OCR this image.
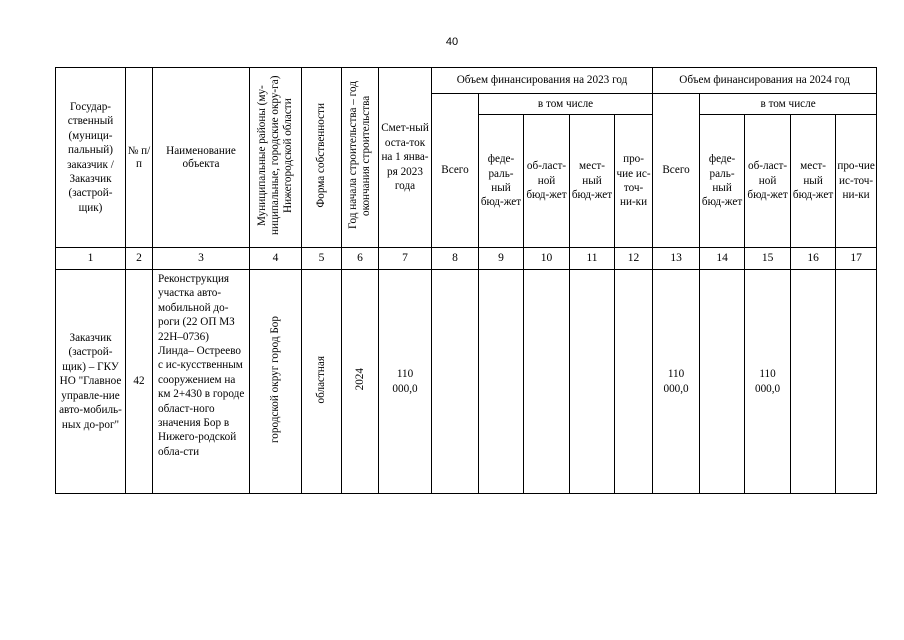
40
Государ-ственный (муници-пальный) заказчик / Заказчик (застрой-щик)	№ п/п	Наименование объекта	Муниципальные районы (му-ниципальные, городские окру-га) Нижегородской области	Форма собственности	Год начала строительства – год окончания строительства	Смет-ный оста-ток на 1 янва-ря 2023 года	Объем финансирования на 2023 год					Объем финансирования на 2024 год				
							Всего	в том числе				Всего	в том числе			
								феде-раль-ный бюд-жет	об-ласт-ной бюд-жет	мест-ный бюд-жет	про-чие ис-точ-ни-ки		феде-раль-ный бюд-жет	об-ласт-ной бюд-жет	мест-ный бюд-жет	про-чие ис-точ-ни-ки
1	2	3	4	5	6	7	8	9	10	11	12	13	14	15	16	17
Заказчик (застрой-щик) – ГКУ НО "Главное управле-ние авто-мобиль-ных до-рог"	42	Реконструкция участка авто-мобильной до-роги (22 ОП МЗ 22Н–0736) Линда– Остреево с ис-кусственным сооружением на км 2+430 в городе област-ного значения Бор в Нижего-родской обла-сти	городской округ город Бор	областная	2024	110 000,0						110 000,0		110 000,0		
